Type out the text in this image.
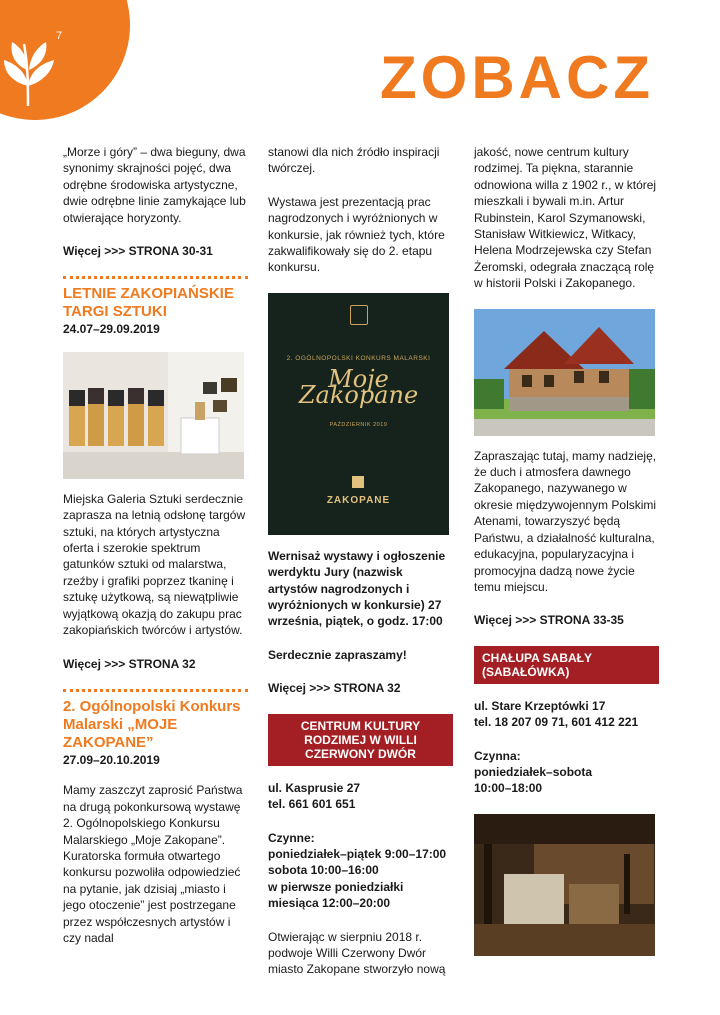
7
ZOBACZ

„Morze i góry” – dwa bieguny, dwa synonimy skrajności pojęć, dwa odrębne środowiska artystyczne, dwie odrębne linie zamykające lub otwierające horyzonty.

Więcej >>> STRONA 30-31
LETNIE ZAKOPIAŃSKIE TARGI SZTUKI
24.07–29.09.2019

Miejska Galeria Sztuki serdecznie zaprasza na letnią odsłonę targów sztuki, na których artystyczna oferta i szerokie spektrum gatunków sztuki od malarstwa, rzeźby i grafiki poprzez tkaninę i sztukę użytkową, są niewątpliwie wyjątkową okazją do zakupu prac zakopiańskich twórców i artystów.

Więcej >>> STRONA 32
2. Ogólnopolski Konkurs Malarski „MOJE ZAKOPANE”
27.09–20.10.2019

Mamy zaszczyt zaprosić Państwa na drugą pokonkursową wystawę 2. Ogólnopolskiego Konkursu Malarskiego „Moje Zakopane”. Kuratorska formuła otwartego konkursu pozwoliła odpowiedzieć na pytanie, jak dzisiaj „miasto i jego otoczenie” jest postrzegane przez współczesnych artystów i czy nadal

stanowi dla nich źródło inspiracji twórczej.

Wystawa jest prezentacją prac nagrodzonych i wyróżnionych w konkursie, jak również tych, które zakwalifikowały się do 2. etapu konkursu.

2. OGÓLNOPOLSKI KONKURS MALARSKI
Moje Zakopane
PAŹDZIERNIK 2019
ZAKOPANE

Wernisaż wystawy i ogłoszenie werdyktu Jury (nazwisk artystów nagrodzonych i wyróżnionych w konkursie) 27 września, piątek, o godz. 17:00

Serdecznie zapraszamy!

Więcej >>> STRONA 32
CENTRUM KULTURY RODZIMEJ W WILLI CZERWONY DWÓR
ul. Kasprusie 27

tel. 661 601 651

Czynne:
poniedziałek–piątek 9:00–17:00
sobota 10:00–16:00

w pierwsze poniedziałki miesiąca 12:00–20:00

Otwierając w sierpniu 2018 r. podwoje Willi Czerwony Dwór miasto Zakopane stworzyło nową

jakość, nowe centrum kultury rodzimej. Ta piękna, starannie odnowiona willa z 1902 r., w której mieszkali i bywali m.in. Artur Rubinstein, Karol Szymanowski, Stanisław Witkiewicz, Witkacy, Helena Modrzejewska czy Stefan Żeromski, odegrała znaczącą rolę w historii Polski i Zakopanego.

Zapraszając tutaj, mamy nadzieję, że duch i atmosfera dawnego Zakopanego, nazywanego w okresie międzywojennym Polskimi Atenami, towarzyszyć będą Państwu, a działalność kulturalna, edukacyjna, popularyzacyjna i promocyjna dadzą nowe życie temu miejscu.

Więcej >>> STRONA 33-35
CHAŁUPA SABAŁY (SABAŁÓWKA)
ul. Stare Krzeptówki 17

tel. 18 207 09 71, 601 412 221

Czynna:
poniedziałek–sobota

10:00–18:00
